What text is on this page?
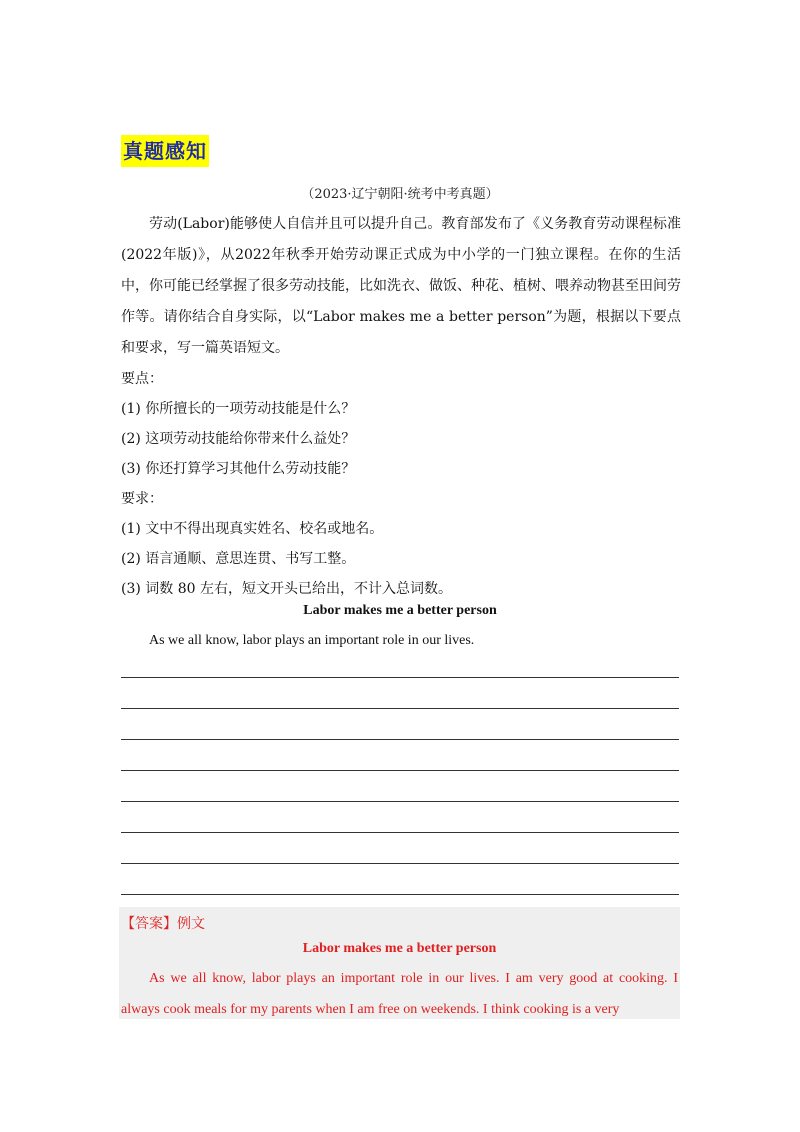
真题感知
（2023·辽宁朝阳·统考中考真题）

劳动(Labor)能够使人自信并且可以提升自己。教育部发布了《义务教育劳动课程标准(2022年版)》，从2022年秋季开始劳动课正式成为中小学的一门独立课程。在你的生活中，你可能已经掌握了很多劳动技能，比如洗衣、做饭、种花、植树、喂养动物甚至田间劳作等。请你结合自身实际，以“Labor makes me a better person”为题，根据以下要点和要求，写一篇英语短文。

要点：
(1) 你所擅长的一项劳动技能是什么？
(2) 这项劳动技能给你带来什么益处？
(3) 你还打算学习其他什么劳动技能？
要求：
(1) 文中不得出现真实姓名、校名或地名。
(2) 语言通顺、意思连贯、书写工整。
(3) 词数 80 左右，短文开头已给出，不计入总词数。
Labor makes me a better person
As we all know, labor plays an important role in our lives.
【答案】例文
Labor makes me a better person

As we all know, labor plays an important role in our lives. I am very good at cooking. I always cook meals for my parents when I am free on weekends. I think cooking is a very
